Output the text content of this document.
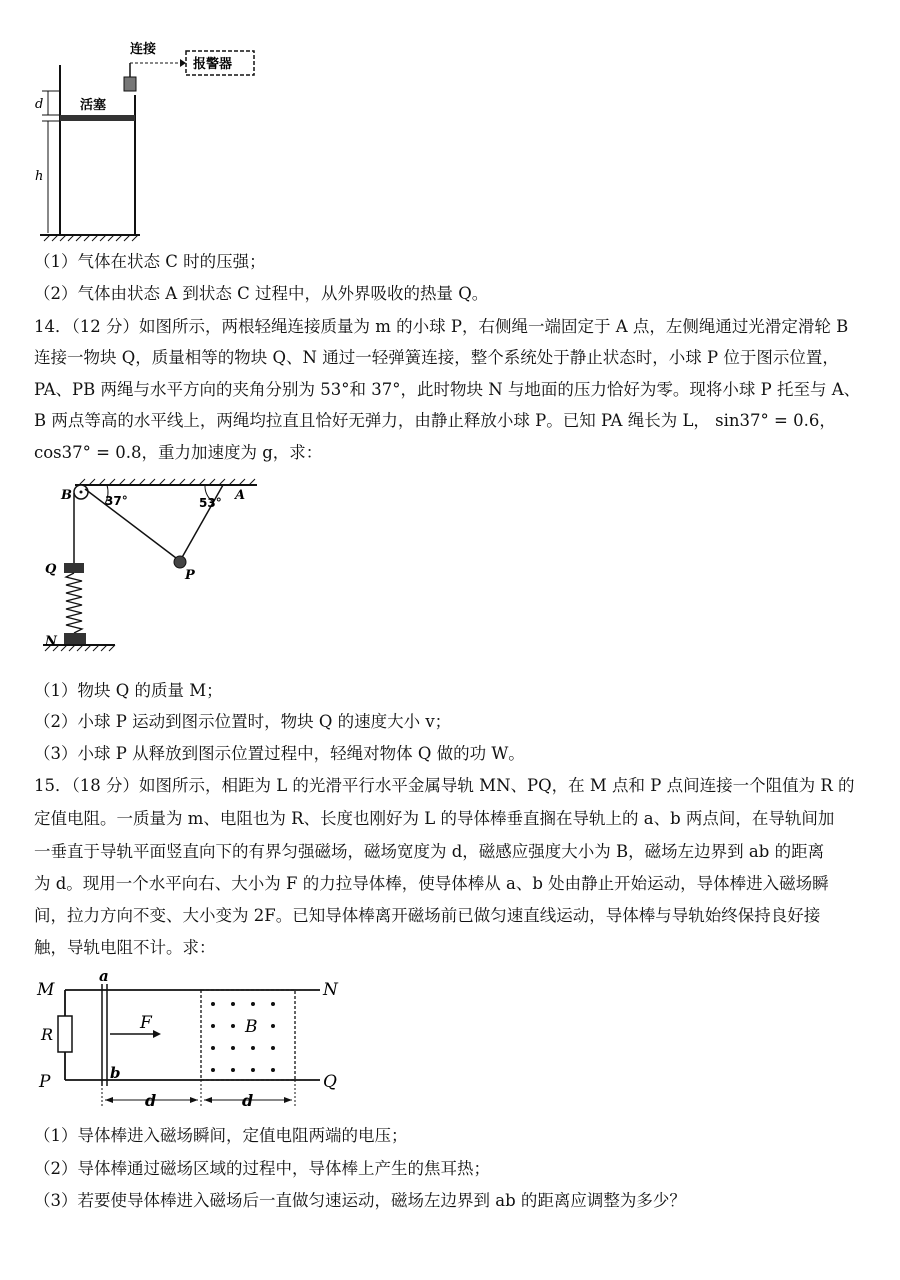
连接
报警器
活塞
d
h
（1）气体在状态 C 时的压强；
（2）气体由状态 A 到状态 C 过程中，从外界吸收的热量 Q。
14．（12 分）如图所示，两根轻绳连接质量为 m 的小球 P，右侧绳一端固定于 A 点，左侧绳通过光滑定滑轮 B
连接一物块 Q，质量相等的物块 Q、N 通过一轻弹簧连接，整个系统处于静止状态时，小球 P 位于图示位置，
PA、PB 两绳与水平方向的夹角分别为 53°和 37°，此时物块 N 与地面的压力恰好为零。现将小球 P 托至与 A、
B 两点等高的水平线上，两绳均拉直且恰好无弹力，由静止释放小球 P。已知 PA 绳长为 L， sin37° = 0.6，
cos37° = 0.8，重力加速度为 g，求：
B	A
37°	53°
P
Q
N
（1）物块 Q 的质量 M；
（2）小球 P 运动到图示位置时，物块 Q 的速度大小 v；
（3）小球 P 从释放到图示位置过程中，轻绳对物体 Q 做的功 W。
15．（18 分）如图所示，相距为 L 的光滑平行水平金属导轨 MN、PQ，在 M 点和 P 点间连接一个阻值为 R 的
定值电阻。一质量为 m、电阻也为 R、长度也刚好为 L 的导体棒垂直搁在导轨上的 a、b 两点间，在导轨间加
一垂直于导轨平面竖直向下的有界匀强磁场，磁场宽度为 d，磁感应强度大小为 B，磁场左边界到 ab 的距离
为 d。现用一个水平向右、大小为 F 的力拉导体棒，使导体棒从 a、b 处由静止开始运动，导体棒进入磁场瞬
间，拉力方向不变、大小变为 2F。已知导体棒离开磁场前已做匀速直线运动，导体棒与导轨始终保持良好接
触，导轨电阻不计。求：
M	N
P	Q
R
a
b
F	B
d	d
（1）导体棒进入磁场瞬间，定值电阻两端的电压；
（2）导体棒通过磁场区域的过程中，导体棒上产生的焦耳热；
（3）若要使导体棒进入磁场后一直做匀速运动，磁场左边界到 ab 的距离应调整为多少？
